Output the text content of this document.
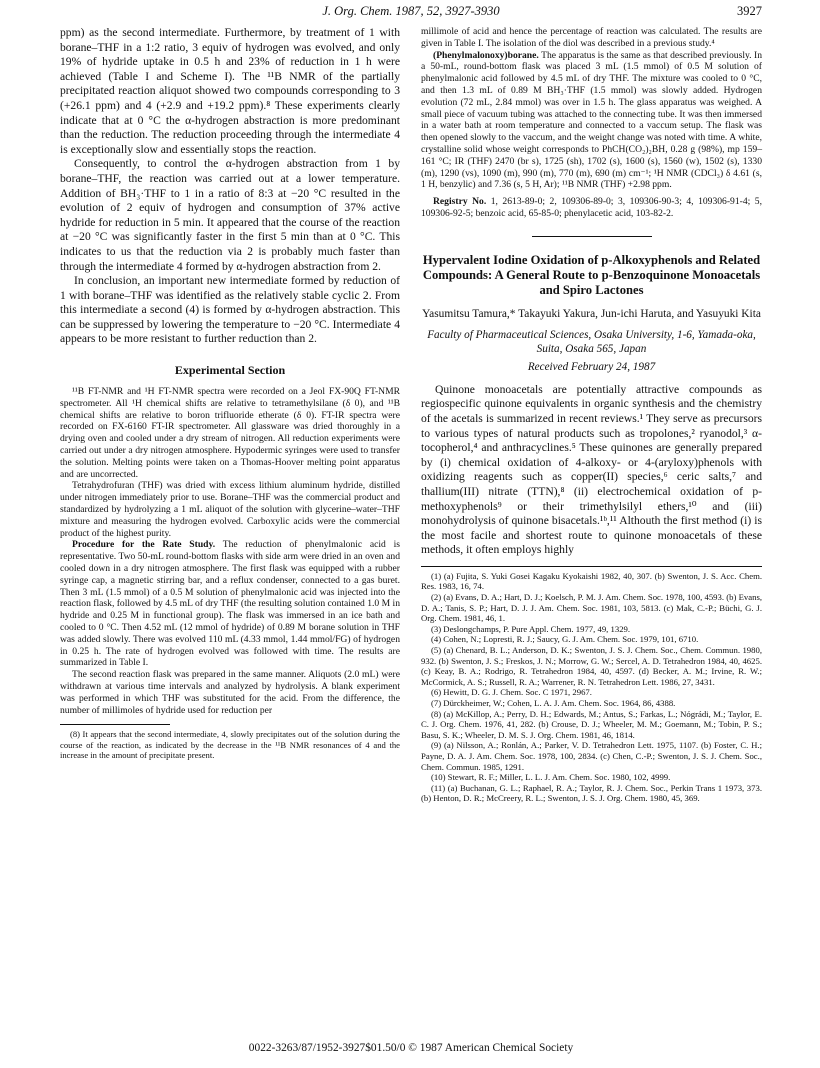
J. Org. Chem. 1987, 52, 3927-3930	3927

ppm) as the second intermediate. Furthermore, by treatment of 1 with borane–THF in a 1:2 ratio, 3 equiv of hydrogen was evolved, and only 19% of hydride uptake in 0.5 h and 23% of reduction in 1 h were achieved (Table I and Scheme I). The ¹¹B NMR of the partially precipitated reaction aliquot showed two compounds corresponding to 3 (+26.1 ppm) and 4 (+2.9 and +19.2 ppm).⁸ These experiments clearly indicate that at 0 °C the α-hydrogen abstraction is more predominant than the reduction. The reduction proceeding through the intermediate 4 is exceptionally slow and essentially stops the reaction.

Consequently, to control the α-hydrogen abstraction from 1 by borane–THF, the reaction was carried out at a lower temperature. Addition of BH₃·THF to 1 in a ratio of 8:3 at −20 °C resulted in the evolution of 2 equiv of hydrogen and consumption of 37% active hydride for reduction in 5 min. It appeared that the course of the reaction at −20 °C was significantly faster in the first 5 min than at 0 °C. This indicates to us that the reduction via 2 is probably much faster than through the intermediate 4 formed by α-hydrogen abstraction from 2.

In conclusion, an important new intermediate formed by reduction of 1 with borane–THF was identified as the relatively stable cyclic 2. From this intermediate a second (4) is formed by α-hydrogen abstraction. This can be suppressed by lowering the temperature to −20 °C. Intermediate 4 appears to be more resistant to further reduction than 2.

Experimental Section

¹¹B FT-NMR and ¹H FT-NMR spectra were recorded on a Jeol FX-90Q FT-NMR spectrometer. All ¹H chemical shifts are relative to tetramethylsilane (δ 0), and ¹¹B chemical shifts are relative to boron trifluoride etherate (δ 0). FT-IR spectra were recorded on FX-6160 FT-IR spectrometer. All glassware was dried thoroughly in a drying oven and cooled under a dry stream of nitrogen. All reduction experiments were carried out under a dry nitrogen atmosphere. Hypodermic syringes were used to transfer the solution. Melting points were taken on a Thomas-Hoover melting point apparatus and are uncorrected.

Tetrahydrofuran (THF) was dried with excess lithium aluminum hydride, distilled under nitrogen immediately prior to use. Borane–THF was the commercial product and standardized by hydrolyzing a 1 mL aliquot of the solution with glycerine–water–THF mixture and measuring the hydrogen evolved. Carboxylic acids were the commercial product of the highest purity.

Procedure for the Rate Study. The reduction of phenylmalonic acid is representative. Two 50-mL round-bottom flasks with side arm were dried in an oven and cooled down in a dry nitrogen atmosphere. The first flask was equipped with a rubber syringe cap, a magnetic stirring bar, and a reflux condenser, connected to a gas buret. Then 3 mL (1.5 mmol) of a 0.5 M solution of phenylmalonic acid was injected into the reaction flask, followed by 4.5 mL of dry THF (the resulting solution contained 1.0 M in hydride and 0.25 M in functional group). The flask was immersed in an ice bath and cooled to 0 °C. Then 4.52 mL (12 mmol of hydride) of 0.89 M borane solution in THF was added slowly. There was evolved 110 mL (4.33 mmol, 1.44 mmol/FG) of hydrogen in 0.25 h. The rate of hydrogen evolved was followed with time. The results are summarized in Table I.

The second reaction flask was prepared in the same manner. Aliquots (2.0 mL) were withdrawn at various time intervals and analyzed by hydrolysis. A blank experiment was performed in which THF was substituted for the acid. From the difference, the number of millimoles of hydride used for reduction per

(8) It appears that the second intermediate, 4, slowly precipitates out of the solution during the course of the reaction, as indicated by the decrease in the ¹¹B NMR resonances of 4 and the increase in the amount of precipitate present.

millimole of acid and hence the percentage of reaction was calculated. The results are given in Table I. The isolation of the diol was described in a previous study.⁴

(Phenylmalonoxy)borane. The apparatus is the same as that described previously. In a 50-mL, round-bottom flask was placed 3 mL (1.5 mmol) of 0.5 M solution of phenylmalonic acid followed by 4.5 mL of dry THF. The mixture was cooled to 0 °C, and then 1.3 mL of 0.89 M BH₃·THF (1.5 mmol) was slowly added. Hydrogen evolution (72 mL, 2.84 mmol) was over in 1.5 h. The glass apparatus was weighed. A small piece of vacuum tubing was attached to the connecting tube. It was then immersed in a water bath at room temperature and connected to a vaccum setup. The flask was then opened slowly to the vaccum, and the weight change was noted with time. A white, crystalline solid whose weight corresponds to PhCH(CO₂)₂BH, 0.28 g (98%), mp 159–161 °C; IR (THF) 2470 (br s), 1725 (sh), 1702 (s), 1600 (s), 1560 (w), 1502 (s), 1330 (m), 1290 (vs), 1090 (m), 990 (m), 770 (m), 690 (m) cm⁻¹; ¹H NMR (CDCl₃) δ 4.61 (s, 1 H, benzylic) and 7.36 (s, 5 H, Ar); ¹¹B NMR (THF) +2.98 ppm.

Registry No. 1, 2613-89-0; 2, 109306-89-0; 3, 109306-90-3; 4, 109306-91-4; 5, 109306-92-5; benzoic acid, 65-85-0; phenylacetic acid, 103-82-2.

Hypervalent Iodine Oxidation of p-Alkoxyphenols and Related Compounds: A General Route to p-Benzoquinone Monoacetals and Spiro Lactones
Yasumitsu Tamura,* Takayuki Yakura, Jun-ichi Haruta, and Yasuyuki Kita
Faculty of Pharmaceutical Sciences, Osaka University, 1-6, Yamada-oka, Suita, Osaka 565, Japan
Received February 24, 1987

Quinone monoacetals are potentially attractive compounds as regiospecific quinone equivalents in organic synthesis and the chemistry of the acetals is summarized in recent reviews.¹ They serve as precursors to various types of natural products such as tropolones,² ryanodol,³ α-tocopherol,⁴ and anthracyclines.⁵ These quinones are generally prepared by (i) chemical oxidation of 4-alkoxy- or 4-(aryloxy)phenols with oxidizing reagents such as copper(II) species,⁶ ceric salts,⁷ and thallium(III) nitrate (TTN),⁸ (ii) electrochemical oxidation of p-methoxyphenols⁹ or their trimethylsilyl ethers,¹⁰ and (iii) monohydrolysis of quinone bisacetals.¹ᵇ,¹¹ Althouth the first method (i) is the most facile and shortest route to quinone monoacetals of these methods, it often employs highly

(1) (a) Fujita, S. Yuki Gosei Kagaku Kyokaishi 1982, 40, 307. (b) Swenton, J. S. Acc. Chem. Res. 1983, 16, 74.

(2) (a) Evans, D. A.; Hart, D. J.; Koelsch, P. M. J. Am. Chem. Soc. 1978, 100, 4593. (b) Evans, D. A.; Tanis, S. P.; Hart, D. J. J. Am. Chem. Soc. 1981, 103, 5813. (c) Mak, C.-P.; Büchi, G. J. Org. Chem. 1981, 46, 1.

(3) Deslongchamps, P. Pure Appl. Chem. 1977, 49, 1329.

(4) Cohen, N.; Lopresti, R. J.; Saucy, G. J. Am. Chem. Soc. 1979, 101, 6710.

(5) (a) Chenard, B. L.; Anderson, D. K.; Swenton, J. S. J. Chem. Soc., Chem. Commun. 1980, 932. (b) Swenton, J. S.; Freskos, J. N.; Morrow, G. W.; Sercel, A. D. Tetrahedron 1984, 40, 4625. (c) Keay, B. A.; Rodrigo, R. Tetrahedron 1984, 40, 4597. (d) Becker, A. M.; Irvine, R. W.; McCormick, A. S.; Russell, R. A.; Warrener, R. N. Tetrahedron Lett. 1986, 27, 3431.

(6) Hewitt, D. G. J. Chem. Soc. C 1971, 2967.

(7) Dürckheimer, W.; Cohen, L. A. J. Am. Chem. Soc. 1964, 86, 4388.

(8) (a) McKillop, A.; Perry, D. H.; Edwards, M.; Antus, S.; Farkas, L.; Nógrádi, M.; Taylor, E. C. J. Org. Chem. 1976, 41, 282. (b) Crouse, D. J.; Wheeler, M. M.; Goemann, M.; Tobin, P. S.; Basu, S. K.; Wheeler, D. M. S. J. Org. Chem. 1981, 46, 1814.

(9) (a) Nilsson, A.; Ronlán, A.; Parker, V. D. Tetrahedron Lett. 1975, 1107. (b) Foster, C. H.; Payne, D. A. J. Am. Chem. Soc. 1978, 100, 2834. (c) Chen, C.-P.; Swenton, J. S. J. Chem. Soc., Chem. Commun. 1985, 1291.

(10) Stewart, R. F.; Miller, L. L. J. Am. Chem. Soc. 1980, 102, 4999.

(11) (a) Buchanan, G. L.; Raphael, R. A.; Taylor, R. J. Chem. Soc., Perkin Trans 1 1973, 373. (b) Henton, D. R.; McCreery, R. L.; Swenton, J. S. J. Org. Chem. 1980, 45, 369.

0022-3263/87/1952-3927$01.50/0 © 1987 American Chemical Society
